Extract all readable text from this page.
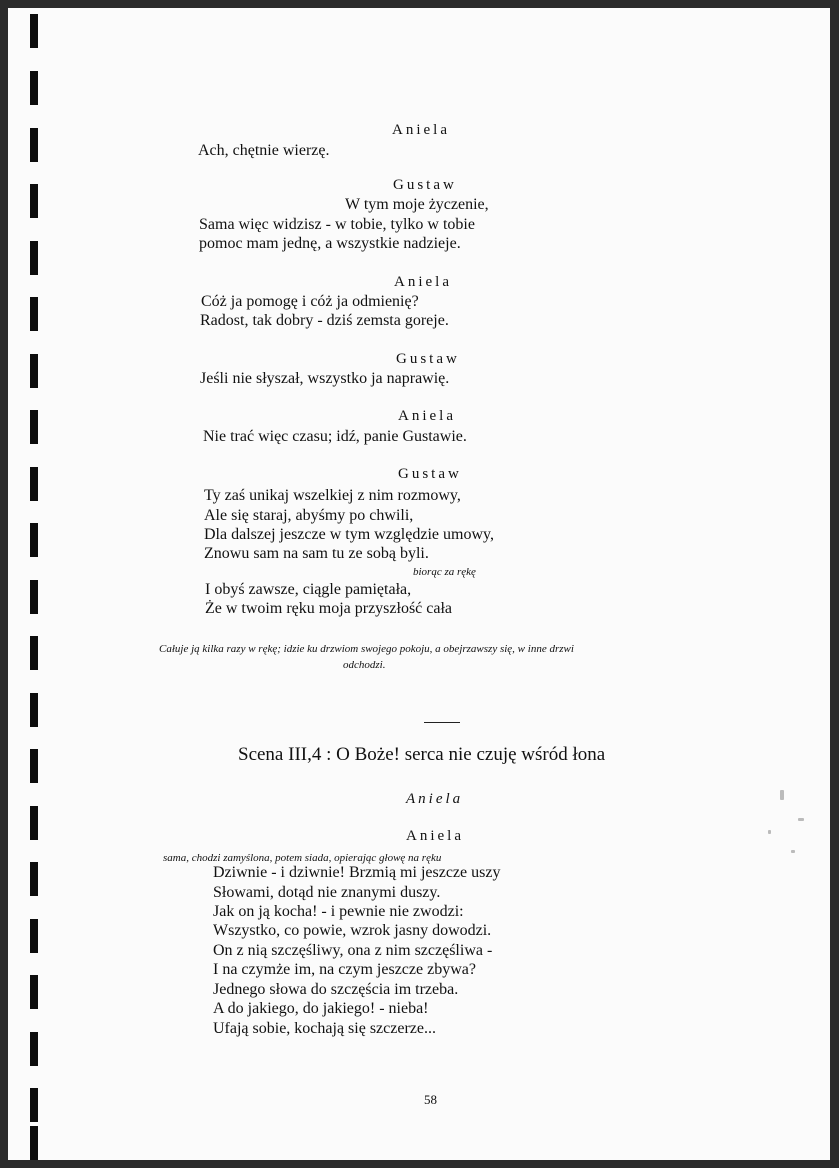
Aniela
Ach, chętnie wierzę.
Gustaw
W tym moje życzenie,
Sama więc widzisz - w tobie, tylko w tobie
pomoc mam jednę, a wszystkie nadzieje.
Aniela
Cóż ja pomogę i cóż ja odmienię?
Radost, tak dobry - dziś zemsta goreje.
Gustaw
Jeśli nie słyszał, wszystko ja naprawię.
Aniela
Nie trać więc czasu; idź, panie Gustawie.
Gustaw
Ty zaś unikaj wszelkiej z nim rozmowy,
Ale się staraj, abyśmy po chwili,
Dla dalszej jeszcze w tym względzie umowy,
Znowu sam na sam tu ze sobą byli.
biorąc za rękę
I obyś zawsze, ciągle pamiętała,
Że w twoim ręku moja przyszłość cała
Całuje ją kilka razy w rękę; idzie ku drzwiom swojego pokoju, a obejrzawszy się, w inne drzwi
odchodzi.
Scena III,4 : O Boże! serca nie czuję wśród łona
Aniela
Aniela
sama, chodzi zamyślona, potem siada, opierając głowę na ręku
Dziwnie - i dziwnie! Brzmią mi jeszcze uszy
Słowami, dotąd nie znanymi duszy.
Jak on ją kocha! - i pewnie nie zwodzi:
Wszystko, co powie, wzrok jasny dowodzi.
On z nią szczęśliwy, ona z nim szczęśliwa -
I na czymże im, na czym jeszcze zbywa?
Jednego słowa do szczęścia im trzeba.
A do jakiego, do jakiego! - nieba!
Ufają sobie, kochają się szczerze...
58
